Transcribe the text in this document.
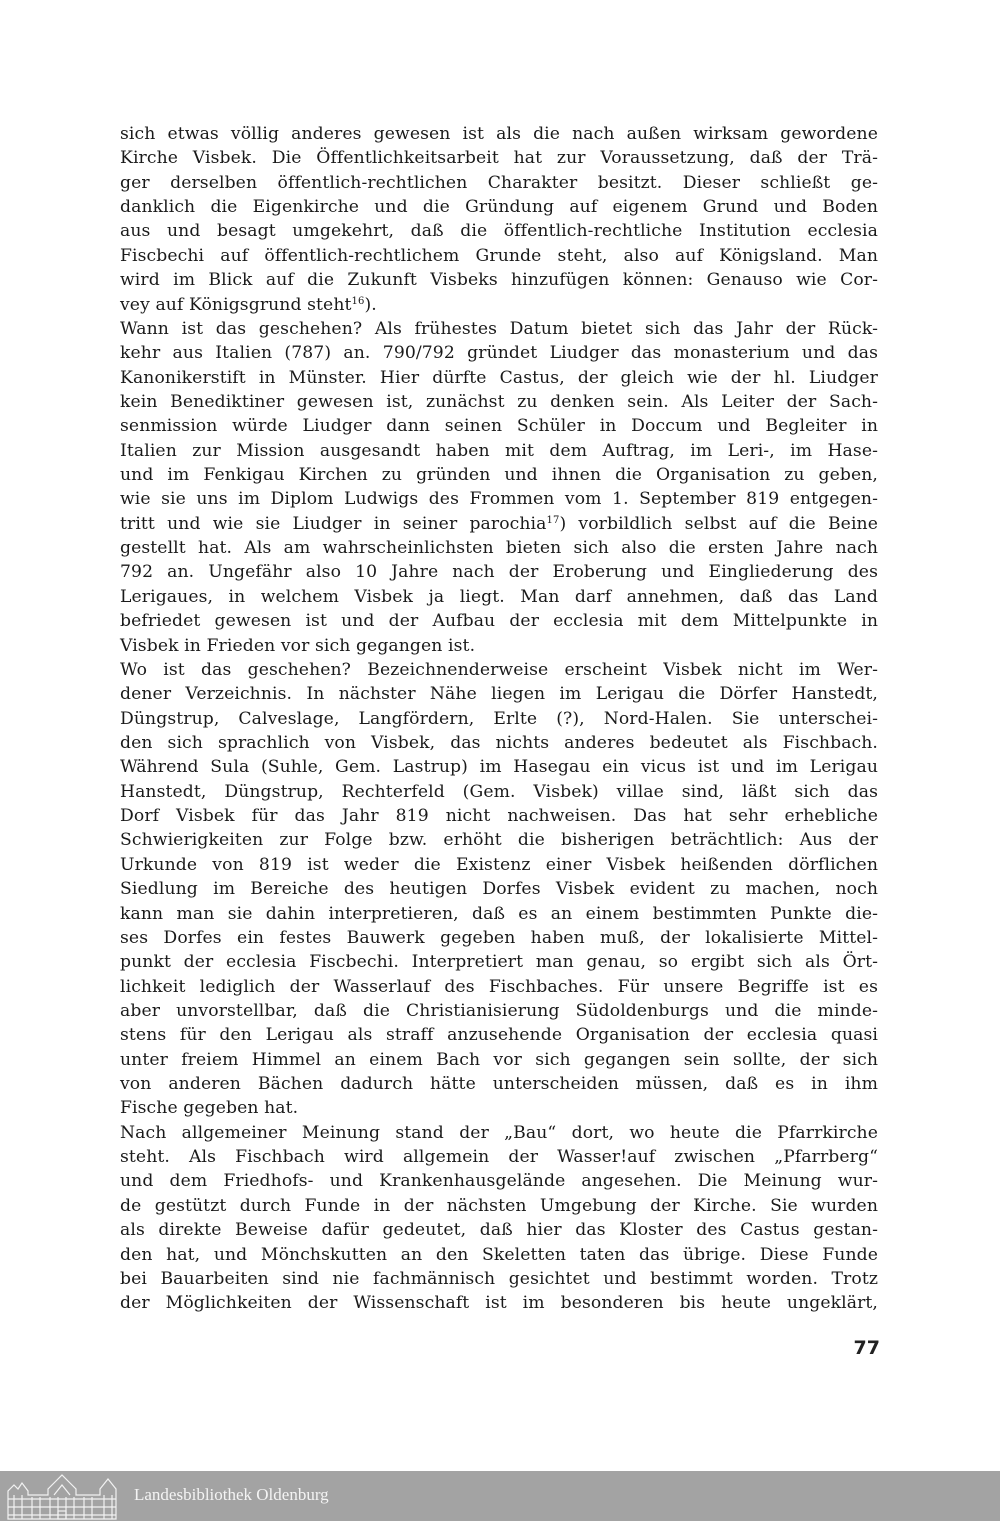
sich etwas völlig anderes gewesen ist als die nach außen wirksam gewordene
Kirche Visbek. Die Öffentlichkeitsarbeit hat zur Voraussetzung, daß der Trä-
ger derselben öffentlich-rechtlichen Charakter besitzt. Dieser schließt ge-
danklich die Eigenkirche und die Gründung auf eigenem Grund und Boden
aus und besagt umgekehrt, daß die öffentlich-rechtliche Institution ecclesia
Fiscbechi auf öffentlich-rechtlichem Grunde steht, also auf Königsland. Man
wird im Blick auf die Zukunft Visbeks hinzufügen können: Genauso wie Cor-
vey auf Königsgrund steht$^{16}$).
Wann ist das geschehen? Als frühestes Datum bietet sich das Jahr der Rück-
kehr aus Italien (787) an. 790/792 gründet Liudger das monasterium und das
Kanonikerstift in Münster. Hier dürfte Castus, der gleich wie der hl. Liudger
kein Benediktiner gewesen ist, zunächst zu denken sein. Als Leiter der Sach-
senmission würde Liudger dann seinen Schüler in Doccum und Begleiter in
Italien zur Mission ausgesandt haben mit dem Auftrag, im Leri-, im Hase-
und im Fenkigau Kirchen zu gründen und ihnen die Organisation zu geben,
wie sie uns im Diplom Ludwigs des Frommen vom 1. September 819 entgegen-
tritt und wie sie Liudger in seiner parochia$^{17}$) vorbildlich selbst auf die Beine
gestellt hat. Als am wahrscheinlichsten bieten sich also die ersten Jahre nach
792 an. Ungefähr also 10 Jahre nach der Eroberung und Eingliederung des
Lerigaues, in welchem Visbek ja liegt. Man darf annehmen, daß das Land
befriedet gewesen ist und der Aufbau der ecclesia mit dem Mittelpunkte in
Visbek in Frieden vor sich gegangen ist.
Wo ist das geschehen? Bezeichnenderweise erscheint Visbek nicht im Wer-
dener Verzeichnis. In nächster Nähe liegen im Lerigau die Dörfer Hanstedt,
Düngstrup, Calveslage, Langfördern, Erlte (?), Nord-Halen. Sie unterschei-
den sich sprachlich von Visbek, das nichts anderes bedeutet als Fischbach.
Während Sula (Suhle, Gem. Lastrup) im Hasegau ein vicus ist und im Lerigau
Hanstedt, Düngstrup, Rechterfeld (Gem. Visbek) villae sind, läßt sich das
Dorf Visbek für das Jahr 819 nicht nachweisen. Das hat sehr erhebliche
Schwierigkeiten zur Folge bzw. erhöht die bisherigen beträchtlich: Aus der
Urkunde von 819 ist weder die Existenz einer Visbek heißenden dörflichen
Siedlung im Bereiche des heutigen Dorfes Visbek evident zu machen, noch
kann man sie dahin interpretieren, daß es an einem bestimmten Punkte die-
ses Dorfes ein festes Bauwerk gegeben haben muß, der lokalisierte Mittel-
punkt der ecclesia Fiscbechi. Interpretiert man genau, so ergibt sich als Ört-
lichkeit lediglich der Wasserlauf des Fischbaches. Für unsere Begriffe ist es
aber unvorstellbar, daß die Christianisierung Südoldenburgs und die minde-
stens für den Lerigau als straff anzusehende Organisation der ecclesia quasi
unter freiem Himmel an einem Bach vor sich gegangen sein sollte, der sich
von anderen Bächen dadurch hätte unterscheiden müssen, daß es in ihm
Fische gegeben hat.
Nach allgemeiner Meinung stand der „Bau“ dort, wo heute die Pfarrkirche
steht. Als Fischbach wird allgemein der Wasser!auf zwischen „Pfarrberg“
und dem Friedhofs- und Krankenhausgelände angesehen. Die Meinung wur-
de gestützt durch Funde in der nächsten Umgebung der Kirche. Sie wurden
als direkte Beweise dafür gedeutet, daß hier das Kloster des Castus gestan-
den hat, und Mönchskutten an den Skeletten taten das übrige. Diese Funde
bei Bauarbeiten sind nie fachmännisch gesichtet und bestimmt worden. Trotz
der Möglichkeiten der Wissenschaft ist im besonderen bis heute ungeklärt,
77
Landesbibliothek Oldenburg
